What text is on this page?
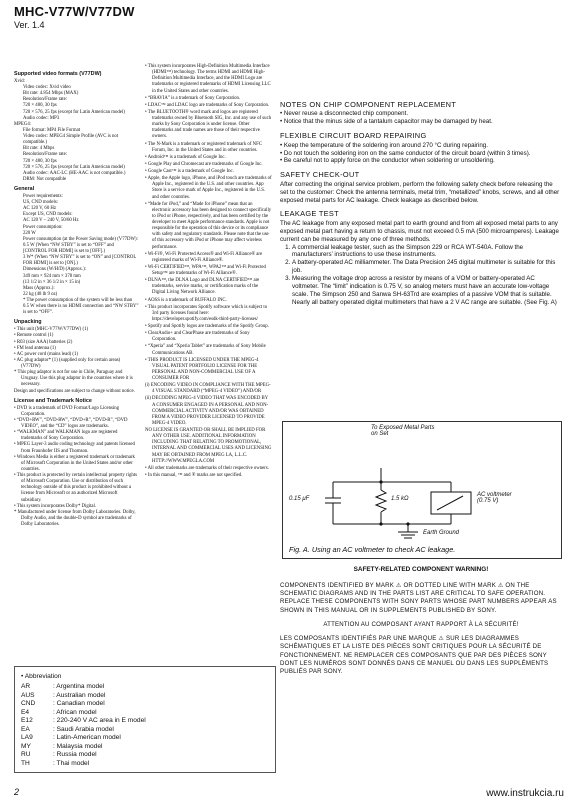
MHC-V77W/V77DW
Ver. 1.4
Supported video formats (V77DW)

Xvid:

Video codec: Xvid video

Bit rate: 4.854 Mbps (MAX)

Resolution/Frame rate:

720 × 480, 30 fps

720 × 576, 25 fps (except for Latin American model)

Audio codec: MP3

MPEG4:

File format: MP4 File Format

Video codec: MPEG4 Simple Profile (AVC is not compatible.)

Bit rate: 4 Mbps

Resolution/Frame rate:

720 × 480, 30 fps

720 × 576, 25 fps (except for Latin American model)

Audio codec: AAC-LC (HE-AAC is not compatible.)

DRM: Not compatible

General

Power requirements:

US, CND models:

AC 120 V, 60 Hz

Except US, CND models:

AC 120 V – 240 V, 50/60 Hz

Power consumption:

220 W

Power consumption (at the Power Saving mode) (V77DW):

0.5 W (When “NW STBY” is set to “OFF” and [CONTROL FOR HDMI] is set to [OFF].)

3 W* (When “NW STBY” is set to “ON” and [CONTROL FOR HDMI] is set to [ON].)

Dimensions (W/H/D) (Approx.):

349 mm × 924 mm × 378 mm

(13 1/2 in × 36 1/2 in × 15 in)

Mass (Approx.):

22 kg (48 lb 9 oz)

* The power consumption of the system will be less than 0.5 W when there is no HDMI connection and “NW STBY” is set to “OFF”.

Unpacking

• This unit (MHC-V77W/V77DW) (1)

• Remote control (1)

• R03 (size AAA) batteries (2)

• FM lead antenna (1)

• AC power cord (mains lead) (1)

• AC plug adaptor* (1) (supplied only for certain areas) (V77DW)

* This plug adaptor is not for use in Chile, Paraguay and Uruguay. Use this plug adaptor in the countries where it is necessary.

Design and specifications are subject to change without notice.

License and Trademark Notice

• DVD is a trademark of DVD Format/Logo Licensing Corporation.

• “DVD+RW”, “DVD-RW”, “DVD+R”, “DVD-R”, “DVD VIDEO”, and the “CD” logos are trademarks.

• “WALKMAN” and WALKMAN logo are registered trademarks of Sony Corporation.

• MPEG Layer-3 audio coding technology and patents licensed from Fraunhofer IIS and Thomson.

• Windows Media is either a registered trademark or trademark of Microsoft Corporation in the United States and/or other countries.

• This product is protected by certain intellectual property rights of Microsoft Corporation. Use or distribution of such technology outside of this product is prohibited without a license from Microsoft or an authorized Microsoft subsidiary.

• This system incorporates Dolby* Digital.

* Manufactured under license from Dolby Laboratories. Dolby, Dolby Audio, and the double-D symbol are trademarks of Dolby Laboratories.

• This system incorporates High-Definition Multimedia Interface (HDMI™) technology. The terms HDMI and HDMI High-Definition Multimedia Interface, and the HDMI Logo are trademarks or registered trademarks of HDMI Licensing LLC in the United States and other countries.

• “BRAVIA” is a trademark of Sony Corporation.

• LDAC™ and LDAC logo are trademarks of Sony Corporation.

• The BLUETOOTH® word mark and logos are registered trademarks owned by Bluetooth SIG, Inc. and any use of such marks by Sony Corporation is under license. Other trademarks and trade names are those of their respective owners.

• The N-Mark is a trademark or registered trademark of NFC Forum, Inc. in the United States and in other countries.

• Android™ is a trademark of Google Inc.

• Google Play and Chromecast are trademarks of Google Inc.

• Google Cast™ is a trademark of Google Inc.

• Apple, the Apple logo, iPhone, and iPod touch are trademarks of Apple Inc., registered in the U.S. and other countries. App Store is a service mark of Apple Inc., registered in the U.S. and other countries.

• “Made for iPod,” and “Made for iPhone” mean that an electronic accessory has been designed to connect specifically to iPod or iPhone, respectively, and has been certified by the developer to meet Apple performance standards. Apple is not responsible for the operation of this device or its compliance with safety and regulatory standards. Please note that the use of this accessory with iPod or iPhone may affect wireless performance.

• Wi-Fi®, Wi-Fi Protected Access® and Wi-Fi Alliance® are registered marks of Wi-Fi Alliance®.

• Wi-Fi CERTIFIED™, WPA™, WPA2™ and Wi-Fi Protected Setup™ are trademarks of Wi-Fi Alliance®.

• DLNA™, the DLNA Logo and DLNA CERTIFIED™ are trademarks, service marks, or certification marks of the Digital Living Network Alliance.

• AOSS is a trademark of BUFFALO INC.

• This product incorporates Spotify software which is subject to 3rd party licenses found here: https://developer.spotify.com/esdk-third-party-licenses/

• Spotify and Spotify logos are trademarks of the Spotify Group.

• ClearAudio+ and ClearPhase are trademarks of Sony Corporation.

• “Xperia” and “Xperia Tablet” are trademarks of Sony Mobile Communications AB.

• THIS PRODUCT IS LICENSED UNDER THE MPEG-4 VISUAL PATENT PORTFOLIO LICENSE FOR THE PERSONAL AND NON-COMMERCIAL USE OF A CONSUMER FOR

(i) ENCODING VIDEO IN COMPLIANCE WITH THE MPEG-4 VISUAL STANDARD (“MPEG-4 VIDEO”) AND/OR

(ii) DECODING MPEG-4 VIDEO THAT WAS ENCODED BY A CONSUMER ENGAGED IN A PERSONAL AND NON-COMMERCIAL ACTIVITY AND/OR WAS OBTAINED FROM A VIDEO PROVIDER LICENSED TO PROVIDE MPEG-4 VIDEO.

NO LICENSE IS GRANTED OR SHALL BE IMPLIED FOR ANY OTHER USE. ADDITIONAL INFORMATION INCLUDING THAT RELATING TO PROMOTIONAL, INTERNAL AND COMMERCIAL USES AND LICENSING MAY BE OBTAINED FROM MPEG LA, L.L.C. HTTP://WWW.MPEGLA.COM

• All other trademarks are trademarks of their respective owners.

• In this manual, ™ and ® marks are not specified.

NOTES ON CHIP COMPONENT REPLACEMENT

• Never reuse a disconnected chip component.

• Notice that the minus side of a tantalum capacitor may be damaged by heat.

FLEXIBLE CIRCUIT BOARD REPAIRING

• Keep the temperature of the soldering iron around 270 °C during repairing.

• Do not touch the soldering iron on the same conductor of the circuit board (within 3 times).

• Be careful not to apply force on the conductor when soldering or unsoldering.

SAFETY CHECK-OUT

After correcting the original service problem, perform the following safety check before releasing the set to the customer: Check the antenna terminals, metal trim, “metallized” knobs, screws, and all other exposed metal parts for AC leakage. Check leakage as described below.

LEAKAGE TEST

The AC leakage from any exposed metal part to earth ground and from all exposed metal parts to any exposed metal part having a return to chassis, must not exceed 0.5 mA (500 microamperes). Leakage current can be measured by any one of three methods.

1. A commercial leakage tester, such as the Simpson 229 or RCA WT-540A. Follow the manufacturers’ instructions to use these instruments.
2. A battery-operated AC milliammeter. The Data Precision 245 digital multimeter is suitable for this job.
3. Measuring the voltage drop across a resistor by means of a VOM or battery-operated AC voltmeter. The “limit” indication is 0.75 V, so analog meters must have an accurate low-voltage scale. The Simpson 250 and Sanwa SH-63Trd are examples of a passive VOM that is suitable. Nearly all battery operated digital multimeters that have a 2 V AC range are suitable. (See Fig. A)
To Exposed Metal Parts on Set
0.15 μF	1.5 kΩ
AC voltmeter (0.75 V)
Earth Ground
Fig. A. Using an AC voltmeter to check AC leakage.
SAFETY-RELATED COMPONENT WARNING!

COMPONENTS IDENTIFIED BY MARK ⚠ OR DOTTED LINE WITH MARK ⚠ ON THE SCHEMATIC DIAGRAMS AND IN THE PARTS LIST ARE CRITICAL TO SAFE OPERATION. REPLACE THESE COMPONENTS WITH SONY PARTS WHOSE PART NUMBERS APPEAR AS SHOWN IN THIS MANUAL OR IN SUPPLEMENTS PUBLISHED BY SONY.

ATTENTION AU COMPOSANT AYANT RAPPORT À LA SÉCURITÉ!

LES COMPOSANTS IDENTIFIÉS PAR UNE MARQUE ⚠ SUR LES DIAGRAMMES SCHÉMATIQUES ET LA LISTE DES PIÈCES SONT CRITIQUES POUR LA SÉCURITÉ DE FONCTIONNEMENT. NE REMPLACER CES COMPOSANTS QUE PAR DES PIÈCES SONY DONT LES NUMÉROS SONT DONNÉS DANS CE MANUEL OU DANS LES SUPPLÉMENTS PUBLIÉS PAR SONY.

• Abbreviation
AR	: Argentina model
AUS	: Australian model
CND	: Canadian model
E4	: African model
E12	: 220-240 V AC area in E model
EA	: Saudi Arabia model
LA9	: Latin-American model
MY	: Malaysia model
RU	: Russia model
TH	: Thai model
2	www.instrukcia.ru
